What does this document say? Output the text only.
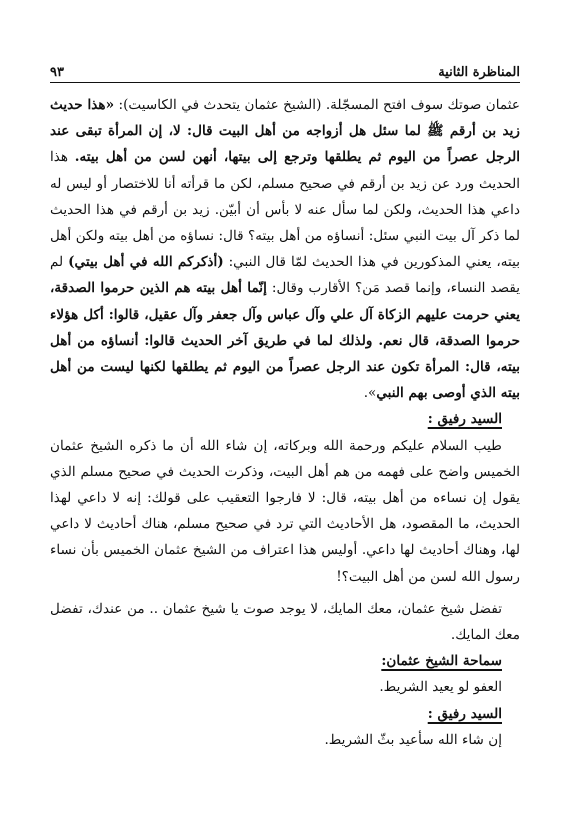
المناظرة الثانية
٩٣

عثمان صوتك سوف افتح المسجّلة. (الشيخ عثمان يتحدث في الكاسيت): «هذا حديث زيد بن أرقم ﷺ لما سئل هل أزواجه من أهل البيت قال: لا، إن المرأة تبقى عند الرجل عصراً من اليوم ثم يطلقها وترجع إلى بيتها، أنهن لسن من أهل بيته. هذا الحديث ورد عن زيد بن أرقم في صحيح مسلم، لكن ما قرأته أنا للاختصار أو ليس له داعي هذا الحديث، ولكن لما سأل عنه لا بأس أن أبيّن. زيد بن أرقم في هذا الحديث لما ذكر آل بيت النبي سئل: أنساؤه من أهل بيته؟ قال: نساؤه من أهل بيته ولكن أهل بيته، يعني المذكورين في هذا الحديث لمّا قال النبي: (أذكركم الله في أهل بيتي) لم يقصد النساء، وإنما قصد مَن؟ الأقارب وقال: إنّما أهل بيته هم الذين حرموا الصدقة، يعني حرمت عليهم الزكاة آل علي وآل عباس وآل جعفر وآل عقيل، قالوا: أكل هؤلاء حرموا الصدقة، قال نعم. ولذلك لما في طريق آخر الحديث قالوا: أنساؤه من أهل بيته، قال: المرأة تكون عند الرجل عصراً من اليوم ثم يطلقها لكنها ليست من أهل بيته الذي أوصى بهم النبي».

السيد رفيق :

طيب السلام عليكم ورحمة الله وبركاته، إن شاء الله أن ما ذكره الشيخ عثمان الخميس واضح على فهمه من هم أهل البيت، وذكرت الحديث في صحيح مسلم الذي يقول إن نساءه من أهل بيته، قال: لا فارجوا التعقيب على قولك: إنه لا داعي لهذا الحديث، ما المقصود، هل الأحاديث التي ترد في صحيح مسلم، هناك أحاديث لا داعي لها، وهناك أحاديث لها داعي. أوليس هذا اعتراف من الشيخ عثمان الخميس بأن نساء رسول الله لسن من أهل البيت؟!

تفضل شيخ عثمان، معك المايك، لا يوجد صوت يا شيخ عثمان .. من عندك، تفضل معك المايك.

سماحة الشيخ عثمان:

العفو لو يعيد الشريط.

السيد رفيق :

إن شاء الله سأعيد بثّ الشريط.
